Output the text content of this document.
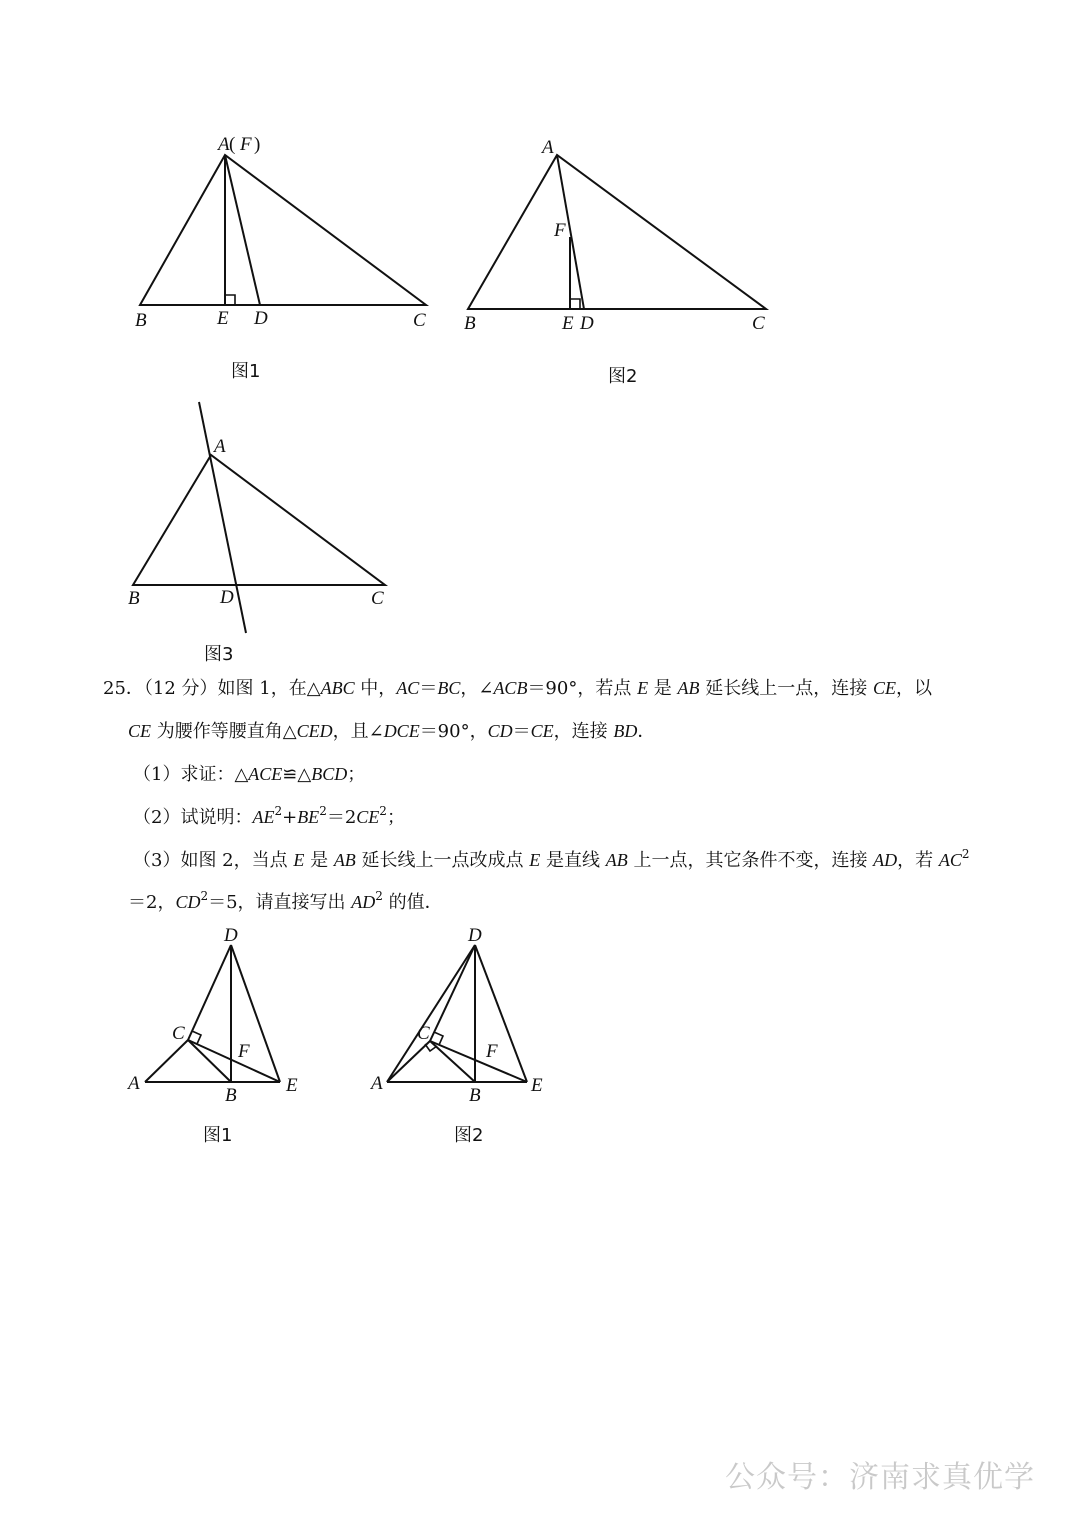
A ( F )
B	E D	C
A
F
B	E D	C
A
B	D	C
图1	图2
图3
25．（12 分）如图 1，在△ABC 中，AC＝BC，∠ACB＝90°，若点 E 是 AB 延长线上一点，连接 CE，以
CE 为腰作等腰直角△CED，且∠DCE＝90°，CD＝CE，连接 BD．
（1）求证：△ACE≌△BCD；
（2）试说明：$AE^2+BE^2=2CE^2$；
（3）如图 2，当点 E 是 AB 延长线上一点改成点 E 是直线 AB 上一点，其它条件不变，连接 AD，若 $AC^2$
＝2，$CD^2=5$，请直接写出 $AD^2$ 的值．
D
C
F
A
B	E
D
C
F
A
B	E
图1	图2
公众号：济南求真优学
